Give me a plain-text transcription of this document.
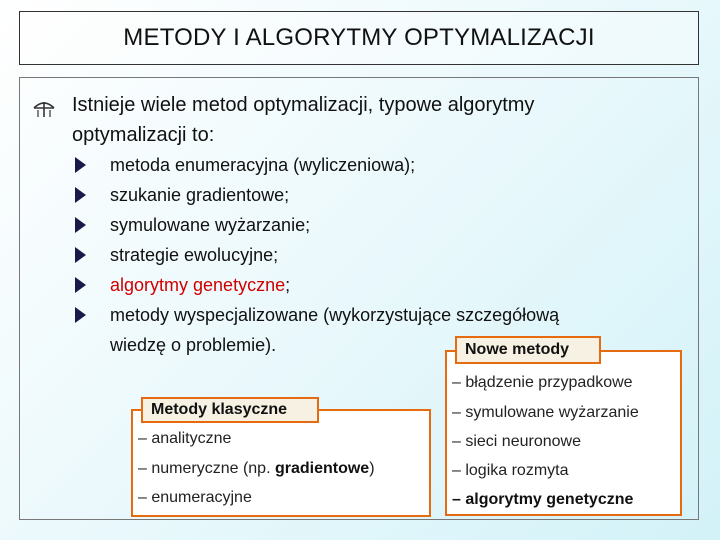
METODY I ALGORYTMY OPTYMALIZACJI
Istnieje wiele metod optymalizacji, typowe algorytmy
optymalizacji to:
metoda enumeracyjna (wyliczeniowa);
szukanie gradientowe;
symulowane wyżarzanie;
strategie ewolucyjne;
algorytmy genetyczne;
metody wyspecjalizowane (wykorzystujące szczegółową
wiedzę o problemie).
Metody klasyczne
– analityczne
– numeryczne (np. gradientowe)
– enumeracyjne
Nowe metody
– błądzenie przypadkowe
– symulowane wyżarzanie
– sieci neuronowe
– logika rozmyta
– algorytmy genetyczne
